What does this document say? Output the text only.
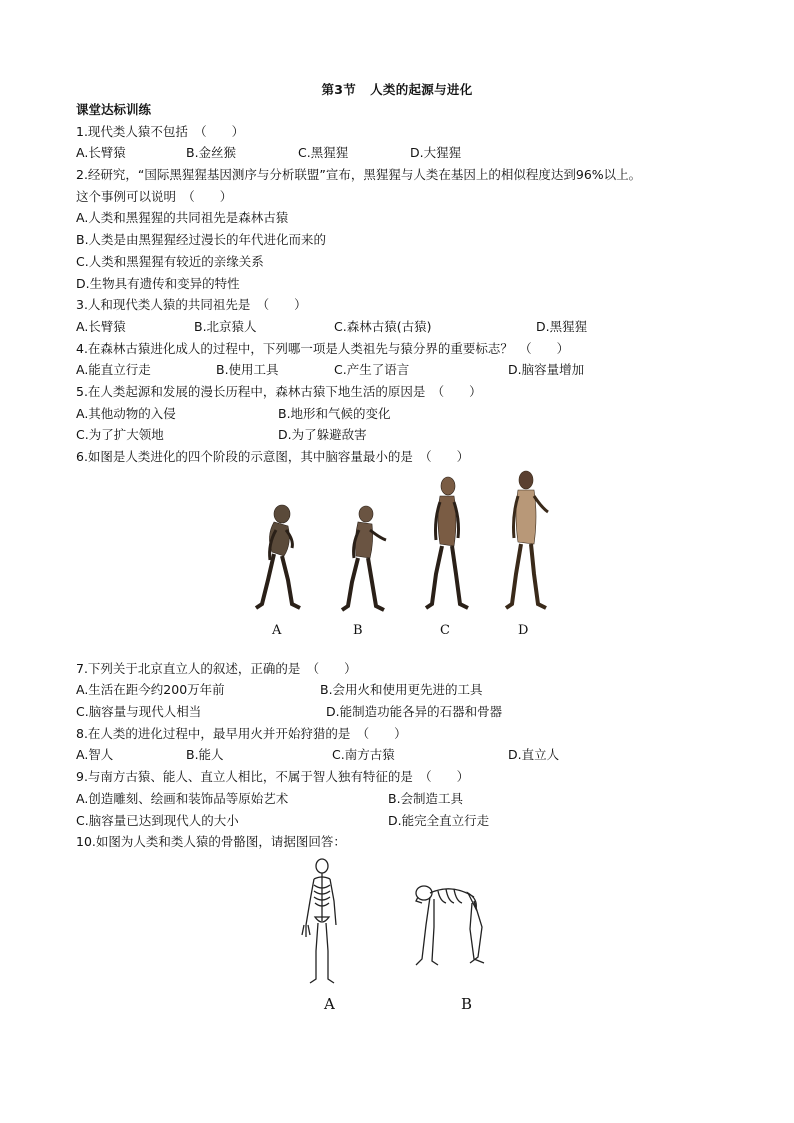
第3节 人类的起源与进化
课堂达标训练
1.现代类人猿不包括　（　　）
A.长臂猿	B.金丝猴	C.黑猩猩	D.大猩猩
2.经研究，“国际黑猩猩基因测序与分析联盟”宣布，黑猩猩与人类在基因上的相似程度达到96%以上。
这个事例可以说明　（　　）
A.人类和黑猩猩的共同祖先是森林古猿
B.人类是由黑猩猩经过漫长的年代进化而来的
C.人类和黑猩猩有较近的亲缘关系
D.生物具有遗传和变异的特性
3.人和现代类人猿的共同祖先是　（　　）
A.长臂猿	B.北京猿人	C.森林古猿(古猿)	D.黑猩猩
4.在森林古猿进化成人的过程中，下列哪一项是人类祖先与猿分界的重要标志？　（　　）
A.能直立行走	B.使用工具	C.产生了语言	D.脑容量增加
5.在人类起源和发展的漫长历程中，森林古猿下地生活的原因是　（　　）
A.其他动物的入侵	B.地形和气候的变化
C.为了扩大领地	D.为了躲避敌害
6.如图是人类进化的四个阶段的示意图，其中脑容量最小的是　（　　）
A	B	C	D
7.下列关于北京直立人的叙述，正确的是　（　　）
A.生活在距今约200万年前	B.会用火和使用更先进的工具
C.脑容量与现代人相当	D.能制造功能各异的石器和骨器
8.在人类的进化过程中，最早用火并开始狩猎的是　（　　）
A.智人	B.能人	C.南方古猿	D.直立人
9.与南方古猿、能人、直立人相比，不属于智人独有特征的是　（　　）
A.创造雕刻、绘画和装饰品等原始艺术	B.会制造工具
C.脑容量已达到现代人的大小	D.能完全直立行走
10.如图为人类和类人猿的骨骼图，请据图回答：
A	B
